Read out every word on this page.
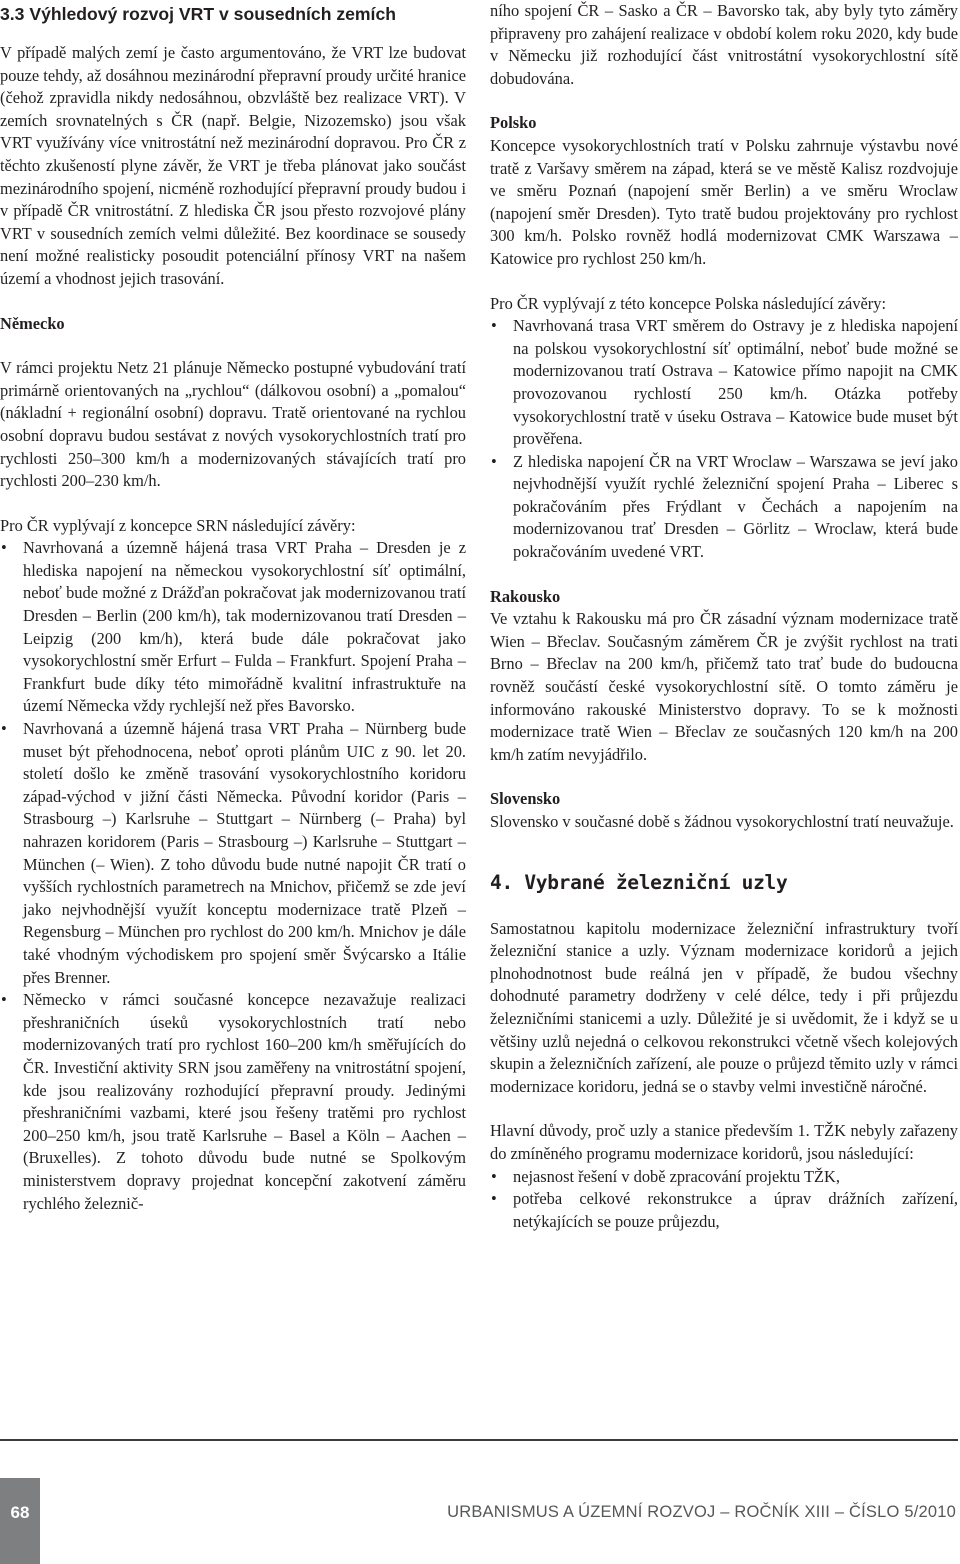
3.3 Výhledový rozvoj VRT v sousedních zemích

V případě malých zemí je často argumentováno, že VRT lze budovat pouze tehdy, až dosáhnou mezinárodní přepravní proudy určité hranice (čehož zpravidla nikdy nedosáhnou, obzvláště bez realizace VRT). V zemích srovnatelných s ČR (např. Belgie, Nizozemsko) jsou však VRT využívány více vnitrostátní než mezinárodní dopravou. Pro ČR z těchto zkušeností plyne závěr, že VRT je třeba plánovat jako součást mezinárodního spojení, nicméně rozhodující přepravní proudy budou i v případě ČR vnitrostátní. Z hlediska ČR jsou přesto rozvojové plány VRT v sousedních zemích velmi důležité. Bez koordinace se sousedy není možné realisticky posoudit potenciální přínosy VRT na našem území a vhodnost jejich trasování.

Německo

V rámci projektu Netz 21 plánuje Německo postupné vybudování tratí primárně orientovaných na „rychlou“ (dálkovou osobní) a „pomalou“ (nákladní + regionální osobní) dopravu. Tratě orientované na rychlou osobní dopravu budou sestávat z nových vysokorychlostních tratí pro rychlosti 250–300 km/h a modernizovaných stávajících tratí pro rychlosti 200–230 km/h.

Pro ČR vyplývají z koncepce SRN následující závěry:

• Navrhovaná a územně hájená trasa VRT Praha – Dresden je z hlediska napojení na německou vysokorychlostní síť optimální, neboť bude možné z Drážďan pokračovat jak modernizovanou tratí Dresden – Berlin (200 km/h), tak modernizovanou tratí Dresden – Leipzig (200 km/h), která bude dále pokračovat jako vysokorychlostní směr Erfurt – Fulda – Frankfurt. Spojení Praha – Frankfurt bude díky této mimořádně kvalitní infrastruktuře na území Německa vždy rychlejší než přes Bavorsko.
• Navrhovaná a územně hájená trasa VRT Praha – Nürnberg bude muset být přehodnocena, neboť oproti plánům UIC z 90. let 20. století došlo ke změně trasování vysokorychlostního koridoru západ-východ v jižní části Německa. Původní koridor (Paris – Strasbourg –) Karlsruhe – Stuttgart – Nürnberg (– Praha) byl nahrazen koridorem (Paris – Strasbourg –) Karlsruhe – Stuttgart – München (– Wien). Z toho důvodu bude nutné napojit ČR tratí o vyšších rychlostních parametrech na Mnichov, přičemž se zde jeví jako nejvhodnější využít konceptu modernizace tratě Plzeň – Regensburg – München pro rychlost do 200 km/h. Mnichov je dále také vhodným východiskem pro spojení směr Švýcarsko a Itálie přes Brenner.
• Německo v rámci současné koncepce nezavažuje realizaci přeshraničních úseků vysokorychlostních tratí nebo modernizovaných tratí pro rychlost 160–200 km/h směřujících do ČR. Investiční aktivity SRN jsou zaměřeny na vnitrostátní spojení, kde jsou realizovány rozhodující přepravní proudy. Jedinými přeshraničními vazbami, které jsou řešeny tratěmi pro rychlost 200–250 km/h, jsou tratě Karlsruhe – Basel a Köln – Aachen – (Bruxelles). Z tohoto důvodu bude nutné se Spolkovým ministerstvem dopravy projednat koncepční zakotvení záměru rychlého železnič-

ního spojení ČR – Sasko a ČR – Bavorsko tak, aby byly tyto záměry připraveny pro zahájení realizace v období kolem roku 2020, kdy bude v Německu již rozhodující část vnitrostátní vysokorychlostní sítě dobudována.

Polsko

Koncepce vysokorychlostních tratí v Polsku zahrnuje výstavbu nové tratě z Varšavy směrem na západ, která se ve městě Kalisz rozdvojuje ve směru Poznań (napojení směr Berlin) a ve směru Wroclaw (napojení směr Dresden). Tyto tratě budou projektovány pro rychlost 300 km/h. Polsko rovněž hodlá modernizovat CMK Warszawa – Katowice pro rychlost 250 km/h.

Pro ČR vyplývají z této koncepce Polska následující závěry:

• Navrhovaná trasa VRT směrem do Ostravy je z hlediska napojení na polskou vysokorychlostní síť optimální, neboť bude možné se modernizovanou tratí Ostrava – Katowice přímo napojit na CMK provozovanou rychlostí 250 km/h. Otázka potřeby vysokorychlostní tratě v úseku Ostrava – Katowice bude muset být prověřena.
• Z hlediska napojení ČR na VRT Wroclaw – Warszawa se jeví jako nejvhodnější využít rychlé železniční spojení Praha – Liberec s pokračováním přes Frýdlant v Čechách a napojením na modernizovanou trať Dresden – Görlitz – Wroclaw, která bude pokračováním uvedené VRT.

Rakousko

Ve vztahu k Rakousku má pro ČR zásadní význam modernizace tratě Wien – Břeclav. Současným záměrem ČR je zvýšit rychlost na trati Brno – Břeclav na 200 km/h, přičemž tato trať bude do budoucna rovněž součástí české vysokorychlostní sítě. O tomto záměru je informováno rakouské Ministerstvo dopravy. To se k možnosti modernizace tratě Wien – Břeclav ze současných 120 km/h na 200 km/h zatím nevyjádřilo.

Slovensko

Slovensko v současné době s žádnou vysokorychlostní tratí neuvažuje.

4. Vybrané železniční uzly

Samostatnou kapitolu modernizace železniční infrastruktury tvoří železniční stanice a uzly. Význam modernizace koridorů a jejich plnohodnotnost bude reálná jen v případě, že budou všechny dohodnuté parametry dodrženy v celé délce, tedy i při průjezdu železničními stanicemi a uzly. Důležité je si uvědomit, že i když se u většiny uzlů nejedná o celkovou rekonstrukci včetně všech kolejových skupin a železničních zařízení, ale pouze o průjezd těmito uzly v rámci modernizace koridoru, jedná se o stavby velmi investičně náročné.

Hlavní důvody, proč uzly a stanice především 1. TŽK nebyly zařazeny do zmíněného programu modernizace koridorů, jsou následující:

• nejasnost řešení v době zpracování projektu TŽK,
• potřeba celkové rekonstrukce a úprav drážních zařízení, netýkajících se pouze průjezdu,
68	URBANISMUS A ÚZEMNÍ ROZVOJ – ROČNÍK XIII – ČÍSLO 5/2010
